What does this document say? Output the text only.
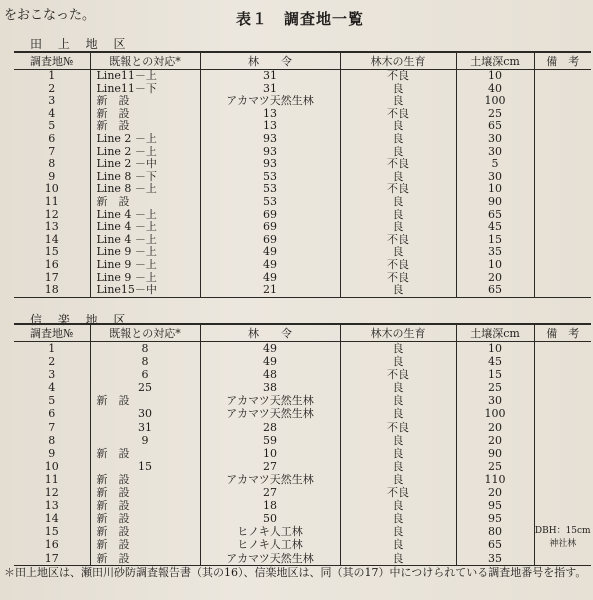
をおこなった。	表１　調査地一覧
田 上 地 区
調査地№	既報との対応*	林　　令	林木の生育	土壌深cm	備　考
1	Line11－上	31	不良	10	
2	Line11－下	31	良	40	
3	新　設	アカマツ天然生林	良	100	
4	新　設	13	不良	25	
5	新　設	13	良	65	
6	Line 2 －上	93	良	30	
7	Line 2 －上	93	良	30	
8	Line 2 －中	93	不良	5	
9	Line 8 －下	53	良	30	
10	Line 8 －上	53	不良	10	
11	新　設	53	良	90	
12	Line 4 －上	69	良	65	
13	Line 4 －上	69	良	45	
14	Line 4 －上	69	不良	15	
15	Line 9 －上	49	良	35	
16	Line 9 －上	49	不良	10	
17	Line 9 －上	49	不良	20	
18	Line15－中	21	良	65	
信 楽 地 区
調査地№	既報との対応*	林　　令	林木の生育	土壌深cm	備　考
1	8	49	良	10	
2	8	49	良	45	
3	6	48	不良	15	
4	25	38	良	25	
5	新　設	アカマツ天然生林	良	30	
6	30	アカマツ天然生林	良	100	
7	31	28	不良	20	
8	9	59	良	20	
9	新　設	10	良	90	
10	15	27	良	25	
11	新　設	アカマツ天然生林	良	110	
12	新　設	27	不良	20	
13	新　設	18	良	95	
14	新　設	50	良	95	
15	新　設	ヒノキ人工林	良	80	DBH：15cm
16	新　設	ヒノキ人工林	良	65	神社林
17	新　設	アカマツ天然生林	良	35	
＊田上地区は、瀬田川砂防調査報告書（其の16）、信楽地区は、同（其の17）中につけられている調査地番号を指す。
